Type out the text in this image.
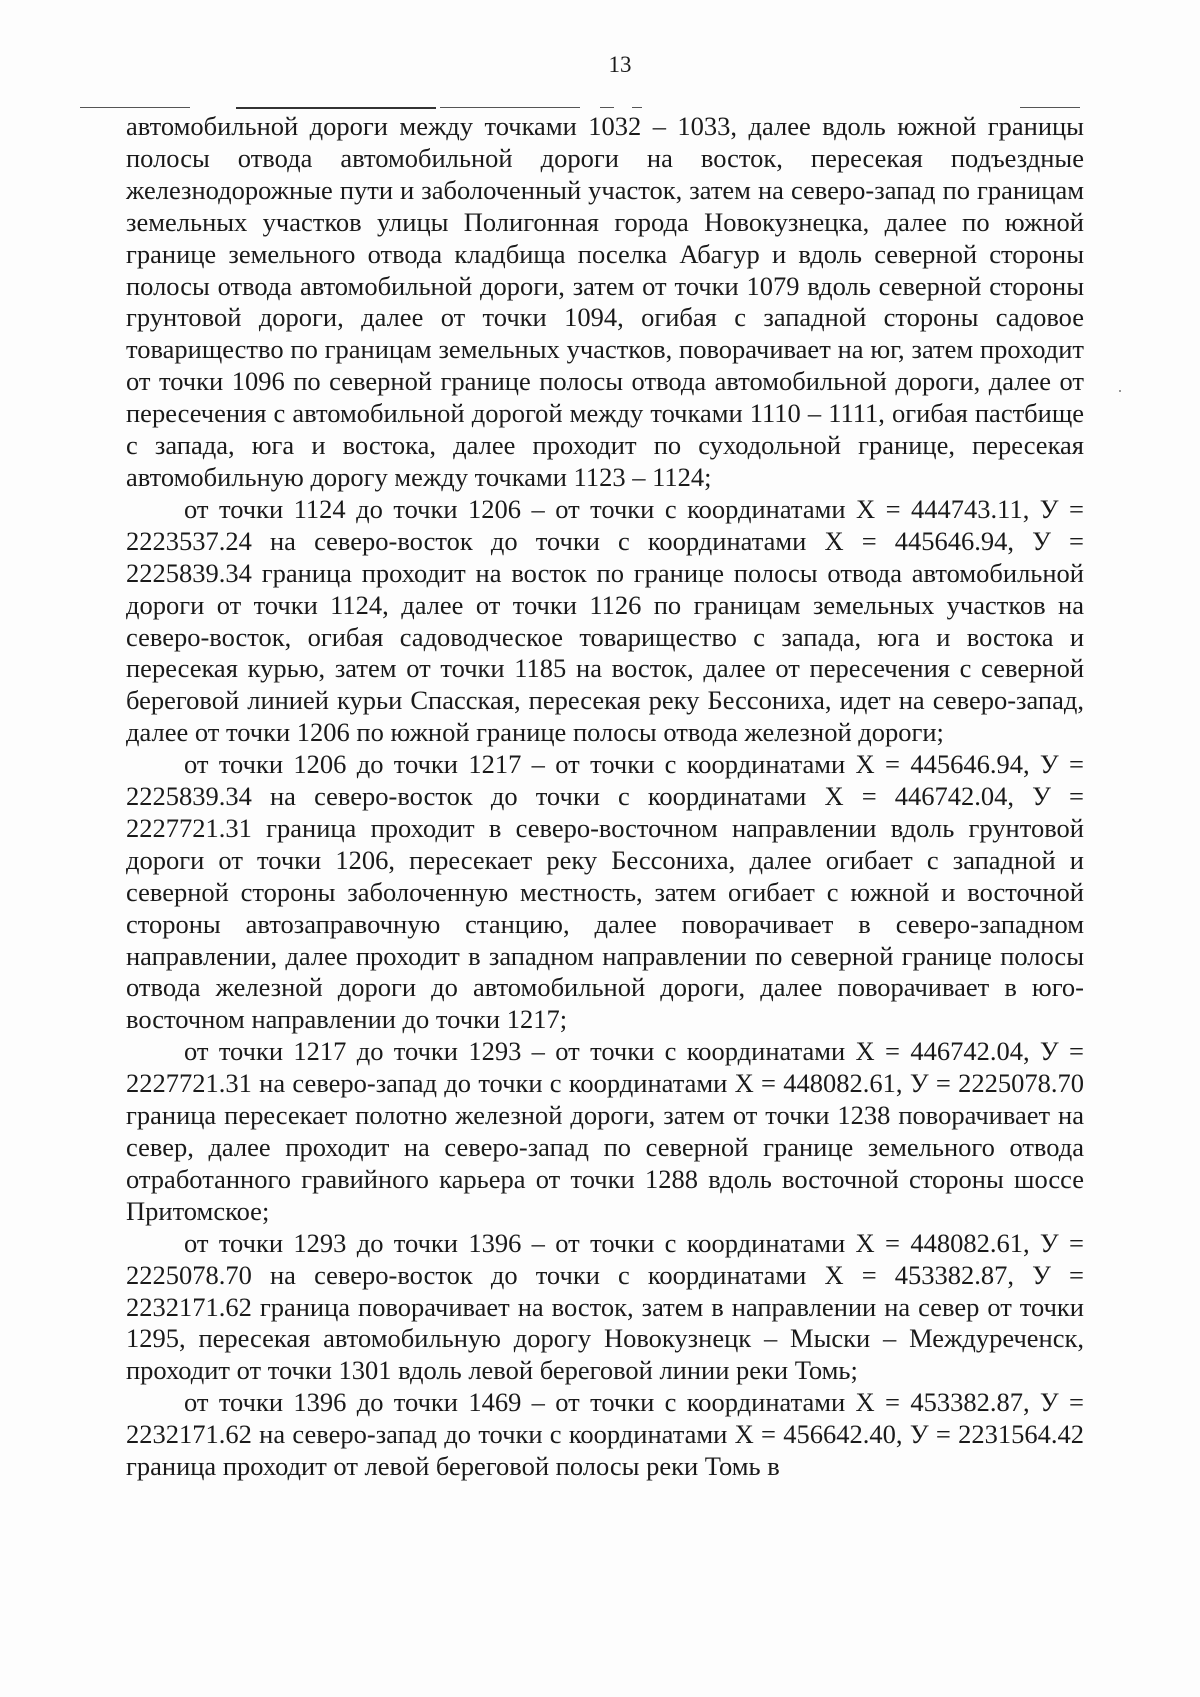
13

автомобильной дороги между точками 1032 – 1033, далее вдоль южной границы полосы отвода автомобильной дороги на восток, пересекая подъездные железнодорожные пути и заболоченный участок, затем на северо-запад по границам земельных участков улицы Полигонная города Новокузнецка, далее по южной границе земельного отвода кладбища поселка Абагур и вдоль северной стороны полосы отвода автомобильной дороги, затем от точки 1079 вдоль северной стороны грунтовой дороги, далее от точки 1094, огибая с западной стороны садовое товарищество по границам земельных участков, поворачивает на юг, затем проходит от точки 1096 по северной границе полосы отвода автомобильной дороги, далее от пересечения с автомобильной дорогой между точками 1110 – 1111, огибая пастбище с запада, юга и востока, далее проходит по суходольной границе, пересекая автомобильную дорогу между точками 1123 – 1124;

от точки 1124 до точки 1206 – от точки с координатами Х = 444743.11, У = 2223537.24 на северо-восток до точки с координатами Х = 445646.94, У = 2225839.34 граница проходит на восток по границе полосы отвода автомобильной дороги от точки 1124, далее от точки 1126 по границам земельных участков на северо-восток, огибая садоводческое товарищество с запада, юга и востока и пересекая курью, затем от точки 1185 на восток, далее от пересечения с северной береговой линией курьи Спасская, пересекая реку Бессониха, идет на северо-запад, далее от точки 1206 по южной границе полосы отвода железной дороги;

от точки 1206 до точки 1217 – от точки с координатами Х = 445646.94, У = 2225839.34 на северо-восток до точки с координатами Х = 446742.04, У = 2227721.31 граница проходит в северо-восточном направлении вдоль грунтовой дороги от точки 1206, пересекает реку Бессониха, далее огибает с западной и северной стороны заболоченную местность, затем огибает с южной и восточной стороны автозаправочную станцию, далее поворачивает в северо-западном направлении, далее проходит в западном направлении по северной границе полосы отвода железной дороги до автомобильной дороги, далее поворачивает в юго-восточном направлении до точки 1217;

от точки 1217 до точки 1293 – от точки с координатами Х = 446742.04, У = 2227721.31 на северо-запад до точки с координатами Х = 448082.61, У = 2225078.70 граница пересекает полотно железной дороги, затем от точки 1238 поворачивает на север, далее проходит на северо-запад по северной границе земельного отвода отработанного гравийного карьера от точки 1288 вдоль восточной стороны шоссе Притомское;

от точки 1293 до точки 1396 – от точки с координатами Х = 448082.61, У = 2225078.70 на северо-восток до точки с координатами Х = 453382.87, У = 2232171.62 граница поворачивает на восток, затем в направлении на север от точки 1295, пересекая автомобильную дорогу Новокузнецк – Мыски – Междуреченск, проходит от точки 1301 вдоль левой береговой линии реки Томь;

от точки 1396 до точки 1469 – от точки с координатами Х = 453382.87, У = 2232171.62 на северо-запад до точки с координатами Х = 456642.40, У = 2231564.42 граница проходит от левой береговой полосы реки Томь в
